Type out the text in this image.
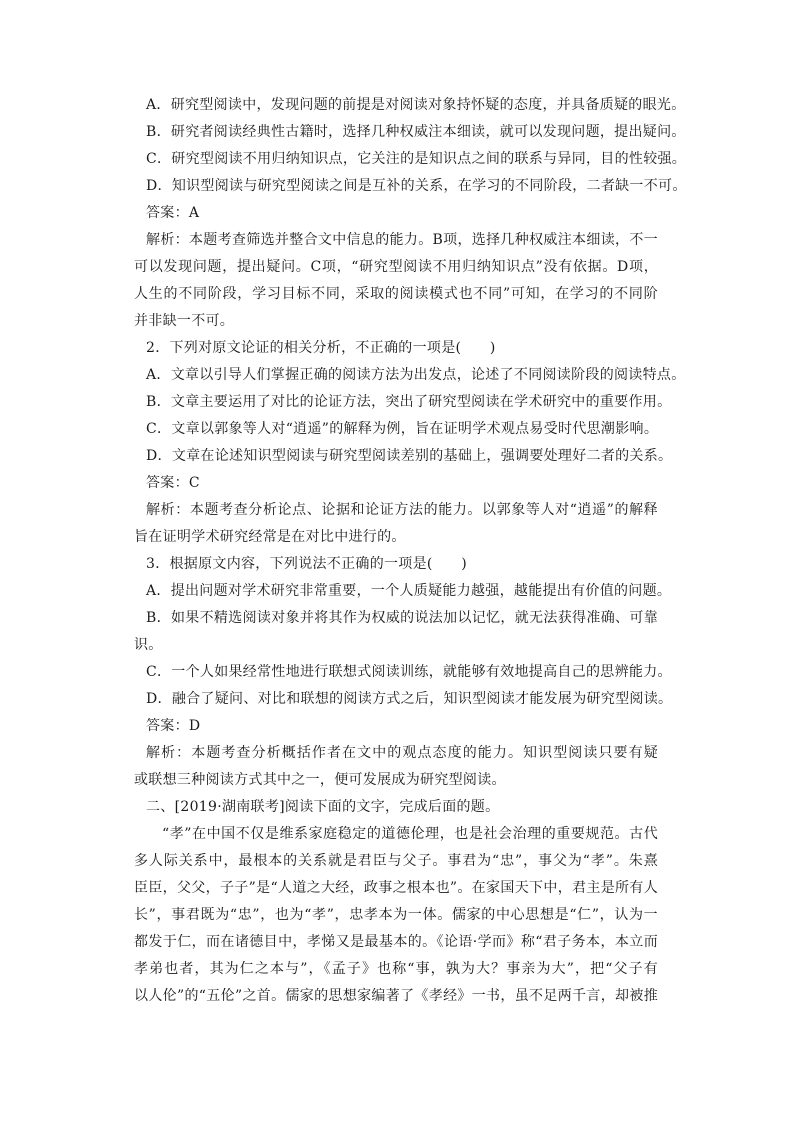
A．研究型阅读中，发现问题的前提是对阅读对象持怀疑的态度，并具备质疑的眼光。
B．研究者阅读经典性古籍时，选择几种权威注本细读，就可以发现问题，提出疑问。
C．研究型阅读不用归纳知识点，它关注的是知识点之间的联系与异同，目的性较强。
D．知识型阅读与研究型阅读之间是互补的关系，在学习的不同阶段，二者缺一不可。
答案：A
解析：本题考查筛选并整合文中信息的能力。B项，选择几种权威注本细读，不一
可以发现问题，提出疑问。C项，“研究型阅读不用归纳知识点”没有依据。D项，
人生的不同阶段，学习目标不同，采取的阅读模式也不同”可知，在学习的不同阶
并非缺一不可。
2．下列对原文论证的相关分析，不正确的一项是(　　)
A．文章以引导人们掌握正确的阅读方法为出发点，论述了不同阅读阶段的阅读特点。
B．文章主要运用了对比的论证方法，突出了研究型阅读在学术研究中的重要作用。
C．文章以郭象等人对“逍遥”的解释为例，旨在证明学术观点易受时代思潮影响。
D．文章在论述知识型阅读与研究型阅读差别的基础上，强调要处理好二者的关系。
答案：C
解析：本题考查分析论点、论据和论证方法的能力。以郭象等人对“逍遥”的解释
旨在证明学术研究经常是在对比中进行的。
3．根据原文内容，下列说法不正确的一项是(　　)
A．提出问题对学术研究非常重要，一个人质疑能力越强，越能提出有价值的问题。
B．如果不精选阅读对象并将其作为权威的说法加以记忆，就无法获得准确、可靠
识。
C．一个人如果经常性地进行联想式阅读训练，就能够有效地提高自己的思辨能力。
D．融合了疑问、对比和联想的阅读方式之后，知识型阅读才能发展为研究型阅读。
答案：D
解析：本题考查分析概括作者在文中的观点态度的能力。知识型阅读只要有疑
或联想三种阅读方式其中之一，便可发展成为研究型阅读。
二、[2019·湖南联考]阅读下面的文字，完成后面的题。
“孝”在中国不仅是维系家庭稳定的道德伦理，也是社会治理的重要规范。古代
多人际关系中，最根本的关系就是君臣与父子。事君为“忠”，事父为“孝”。朱熹
臣臣，父父，子子”是“人道之大经，政事之根本也”。在家国天下中，君主是所有人
长”，事君既为“忠”，也为“孝”，忠孝本为一体。儒家的中心思想是“仁”，认为一
都发于仁，而在诸德目中，孝悌又是最基本的。《论语·学而》称“君子务本，本立而
孝弟也者，其为仁之本与”，《孟子》也称“事，孰为大？事亲为大”，把“父子有
以人伦”的“五伦”之首。儒家的思想家编著了《孝经》一书，虽不足两千言，却被推
